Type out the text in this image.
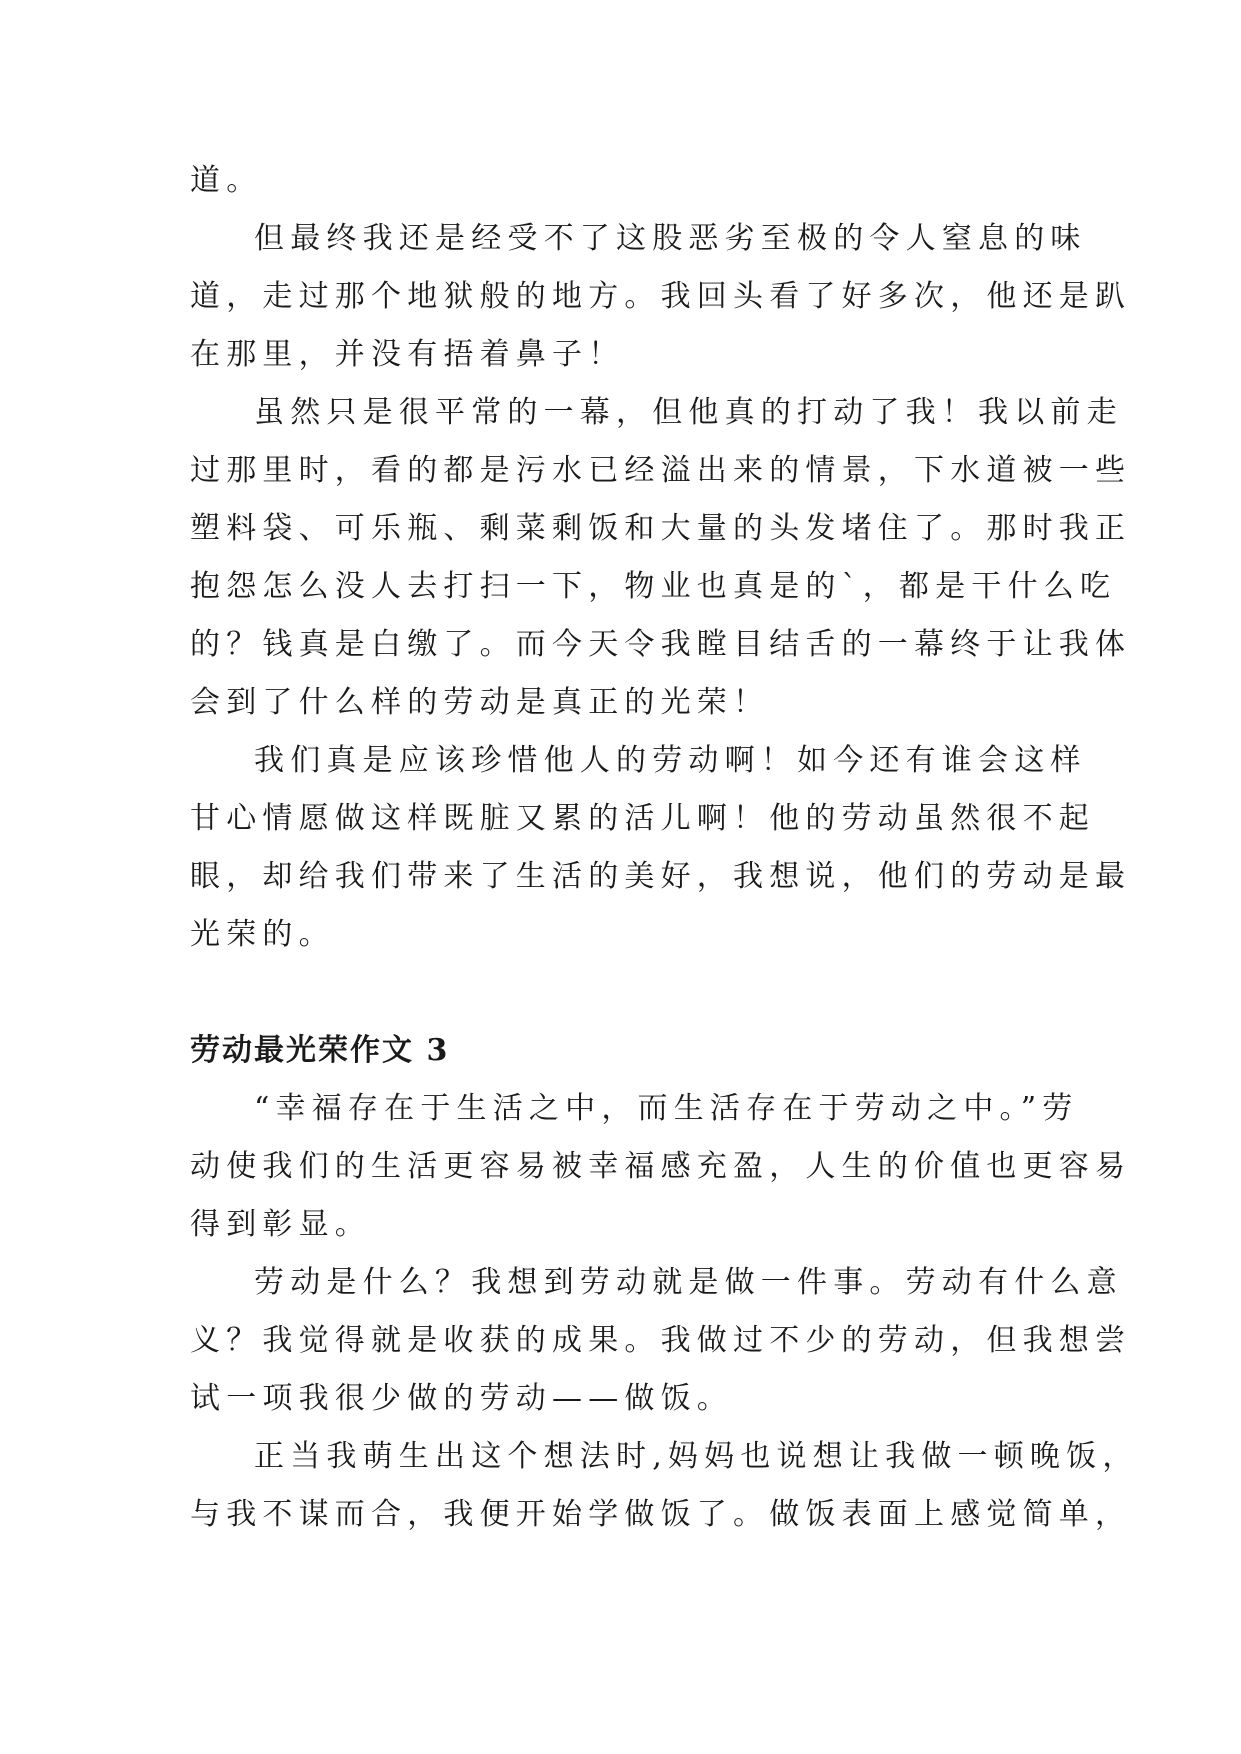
道。
但最终我还是经受不了这股恶劣至极的令人窒息的味
道，走过那个地狱般的地方。我回头看了好多次，他还是趴
在那里，并没有捂着鼻子！
虽然只是很平常的一幕，但他真的打动了我！我以前走
过那里时，看的都是污水已经溢出来的情景，下水道被一些
塑料袋、可乐瓶、剩菜剩饭和大量的头发堵住了。那时我正
抱怨怎么没人去打扫一下，物业也真是的`，都是干什么吃
的？钱真是白缴了。而今天令我瞠目结舌的一幕终于让我体
会到了什么样的劳动是真正的光荣！
我们真是应该珍惜他人的劳动啊！如今还有谁会这样
甘心情愿做这样既脏又累的活儿啊！他的劳动虽然很不起
眼，却给我们带来了生活的美好，我想说，他们的劳动是最
光荣的。
劳动最光荣作文 3
“幸福存在于生活之中，而生活存在于劳动之中。”劳
动使我们的生活更容易被幸福感充盈，人生的价值也更容易
得到彰显。
劳动是什么？我想到劳动就是做一件事。劳动有什么意
义？我觉得就是收获的成果。我做过不少的劳动，但我想尝
试一项我很少做的劳动——做饭。
正当我萌生出这个想法时,妈妈也说想让我做一顿晚饭，
与我不谋而合，我便开始学做饭了。做饭表面上感觉简单，
